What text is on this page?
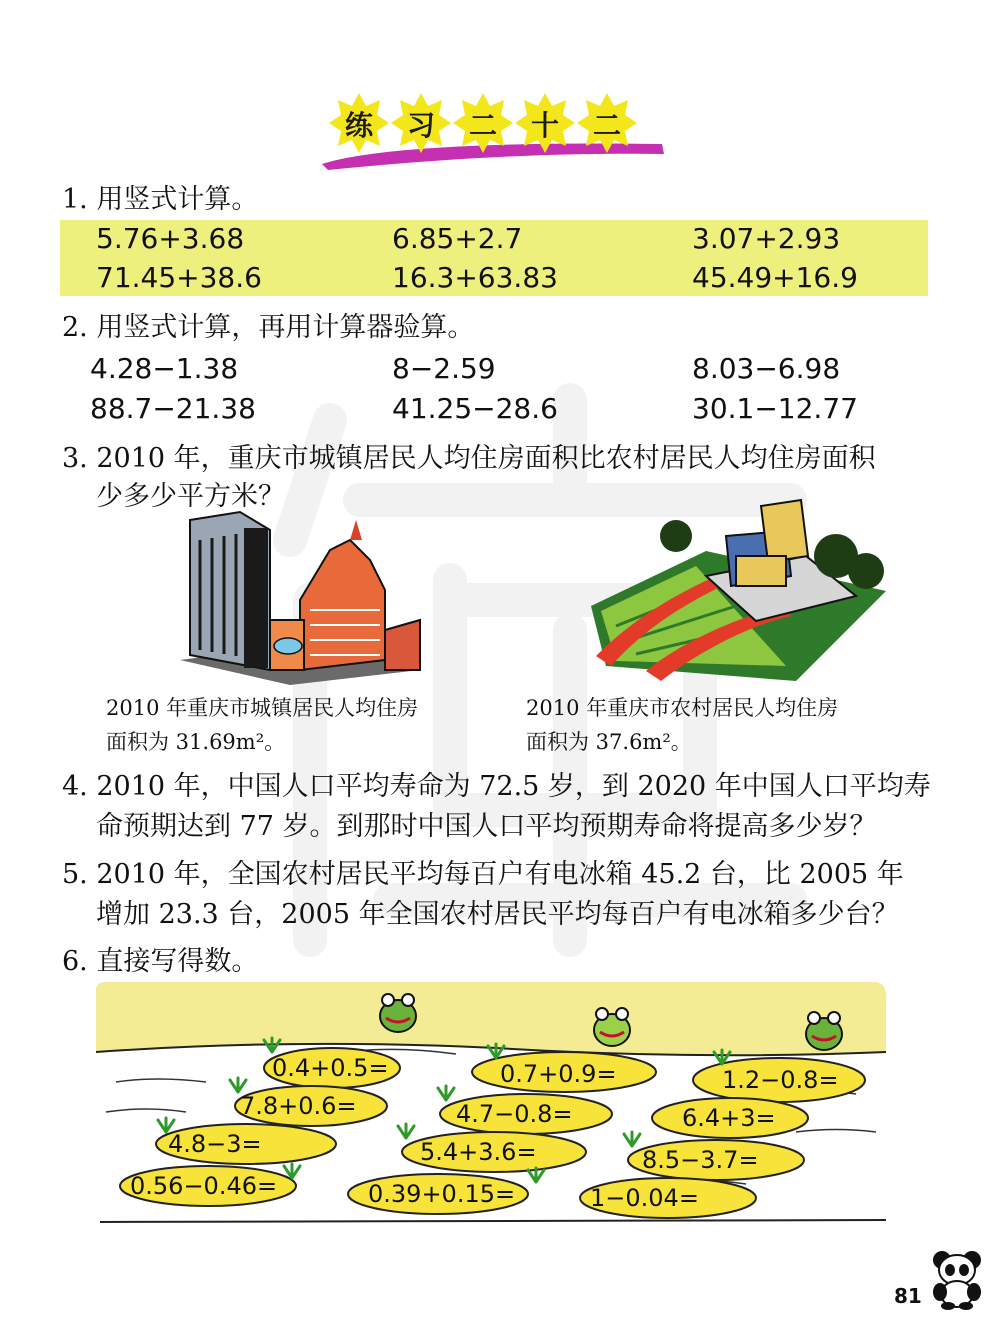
练	习	二	十	二
1. 用竖式计算。
5.76+3.68	6.85+2.7	3.07+2.93
71.45+38.6	16.3+63.83	45.49+16.9
2. 用竖式计算，再用计算器验算。
4.28−1.38	8−2.59	8.03−6.98
88.7−21.38	41.25−28.6	30.1−12.77
3. 2010 年，重庆市城镇居民人均住房面积比农村居民人均住房面积
少多少平方米？
2010 年重庆市城镇居民人均住房
面积为 31.69m²。
2010 年重庆市农村居民人均住房
面积为 37.6m²。
4. 2010 年，中国人口平均寿命为 72.5 岁，到 2020 年中国人口平均寿
命预期达到 77 岁。到那时中国人口平均预期寿命将提高多少岁？
5. 2010 年，全国农村居民平均每百户有电冰箱 45.2 台，比 2005 年
增加 23.3 台，2005 年全国农村居民平均每百户有电冰箱多少台？
6. 直接写得数。
0.4+0.5=	0.7+0.9=	1.2−0.8=
7.8+0.6=	4.7−0.8=	6.4+3=
4.8−3=	5.4+3.6=	8.5−3.7=
0.56−0.46=	0.39+0.15=	1−0.04=
81
